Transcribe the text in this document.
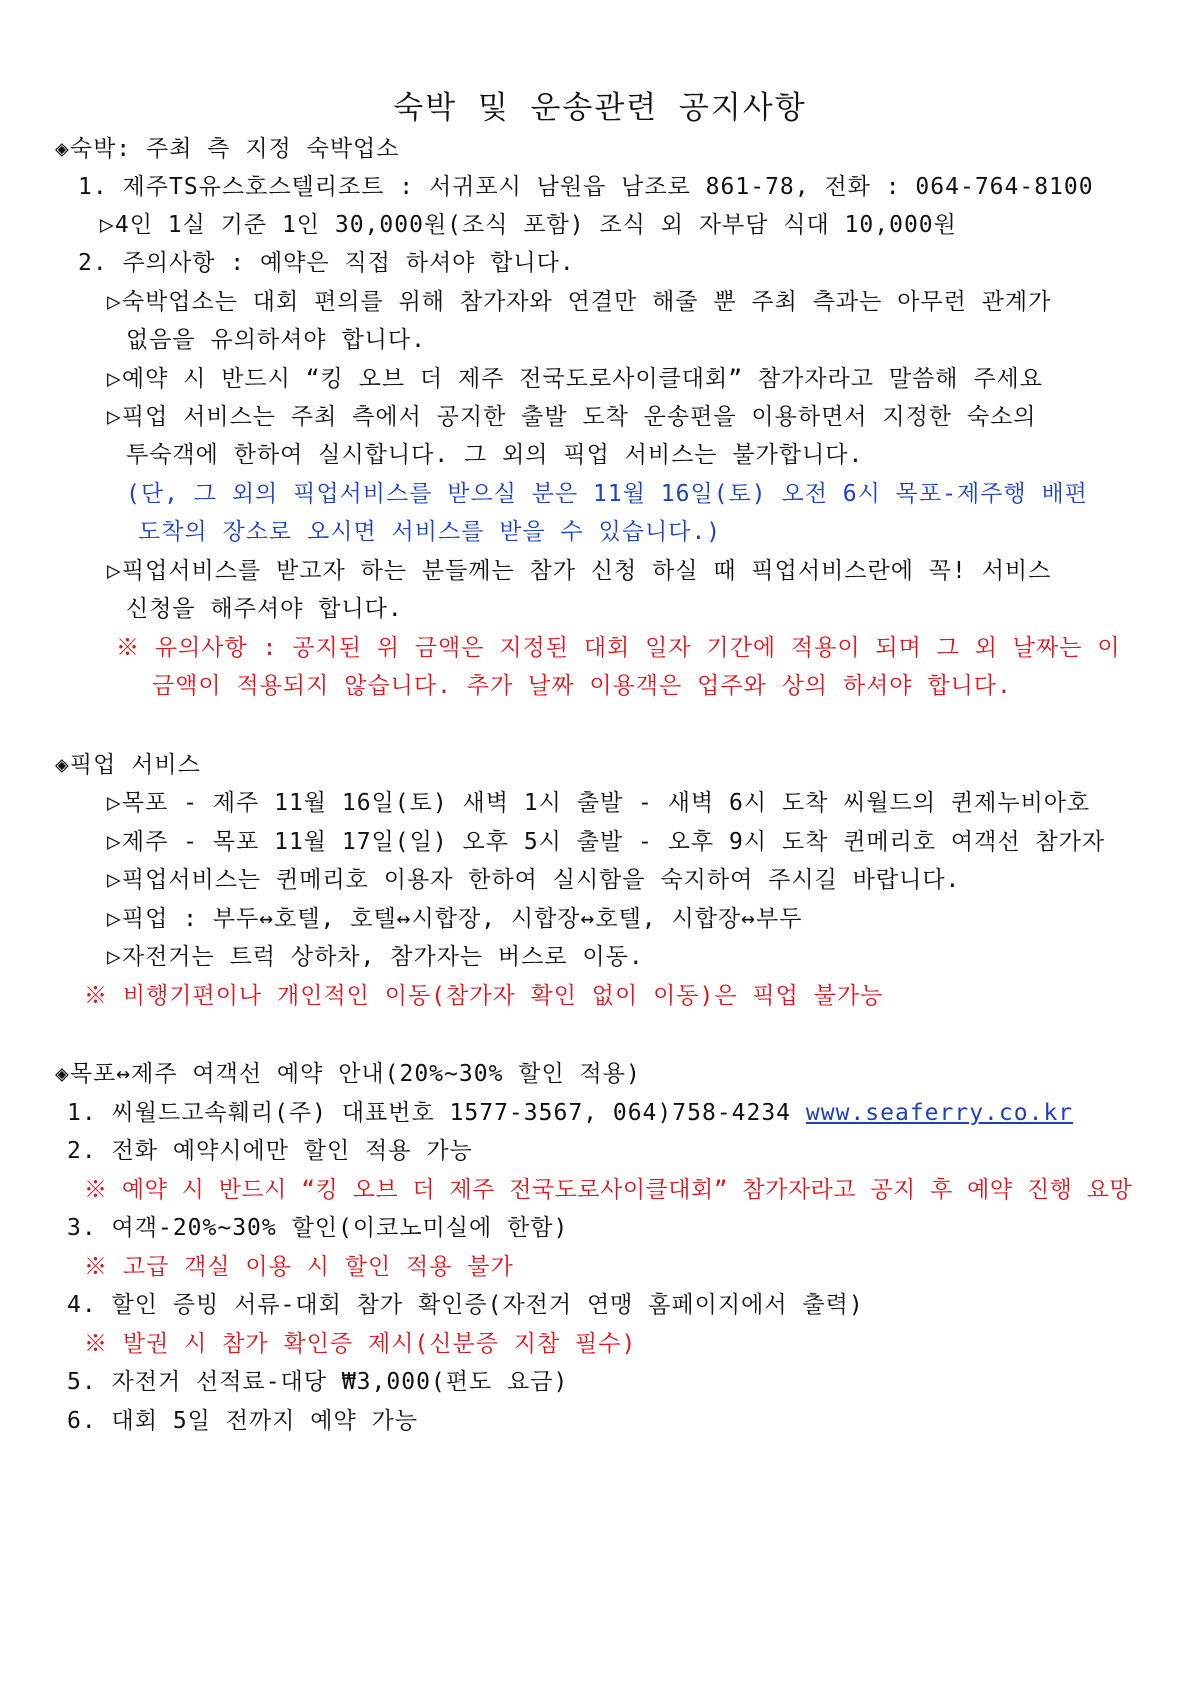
숙박 및 운송관련 공지사항
◈숙박: 주최 측 지정 숙박업소
1. 제주TS유스호스텔리조트 : 서귀포시 남원읍 남조로 861-78, 전화 : 064-764-8100
▷4인 1실 기준 1인 30,000원(조식 포함) 조식 외 자부담 식대 10,000원
2. 주의사항 : 예약은 직접 하셔야 합니다.
▷숙박업소는 대회 편의를 위해 참가자와 연결만 해줄 뿐 주최 측과는 아무런 관계가
없음을 유의하셔야 합니다.
▷예약 시 반드시 “킹 오브 더 제주 전국도로사이클대회” 참가자라고 말씀해 주세요
▷픽업 서비스는 주최 측에서 공지한 출발 도착 운송편을 이용하면서 지정한 숙소의
투숙객에 한하여 실시합니다. 그 외의 픽업 서비스는 불가합니다.
(단, 그 외의 픽업서비스를 받으실 분은 11월 16일(토) 오전 6시 목포-제주행 배편
도착의 장소로 오시면 서비스를 받을 수 있습니다.)
▷픽업서비스를 받고자 하는 분들께는 참가 신청 하실 때 픽업서비스란에 꼭! 서비스
신청을 해주셔야 합니다.
※ 유의사항 : 공지된 위 금액은 지정된 대회 일자 기간에 적용이 되며 그 외 날짜는 이
금액이 적용되지 않습니다. 추가 날짜 이용객은 업주와 상의 하셔야 합니다.
◈픽업 서비스
▷목포 - 제주 11월 16일(토) 새벽 1시 출발 - 새벽 6시 도착 씨월드의 퀸제누비아호
▷제주 - 목포 11월 17일(일) 오후 5시 출발 - 오후 9시 도착 퀸메리호 여객선 참가자
▷픽업서비스는 퀸메리호 이용자 한하여 실시함을 숙지하여 주시길 바랍니다.
▷픽업 : 부두↔호텔, 호텔↔시합장, 시합장↔호텔, 시합장↔부두
▷자전거는 트럭 상하차, 참가자는 버스로 이동.
※ 비행기편이나 개인적인 이동(참가자 확인 없이 이동)은 픽업 불가능
◈목포↔제주 여객선 예약 안내(20%~30% 할인 적용)
1. 씨월드고속훼리(주) 대표번호 1577-3567, 064)758-4234 www.seaferry.co.kr
2. 전화 예약시에만 할인 적용 가능
※ 예약 시 반드시 “킹 오브 더 제주 전국도로사이클대회” 참가자라고 공지 후 예약 진행 요망
3. 여객-20%~30% 할인(이코노미실에 한함)
※ 고급 객실 이용 시 할인 적용 불가
4. 할인 증빙 서류-대회 참가 확인증(자전거 연맹 홈페이지에서 출력)
※ 발권 시 참가 확인증 제시(신분증 지참 필수)
5. 자전거 선적료-대당 ₩3,000(편도 요금)
6. 대회 5일 전까지 예약 가능
